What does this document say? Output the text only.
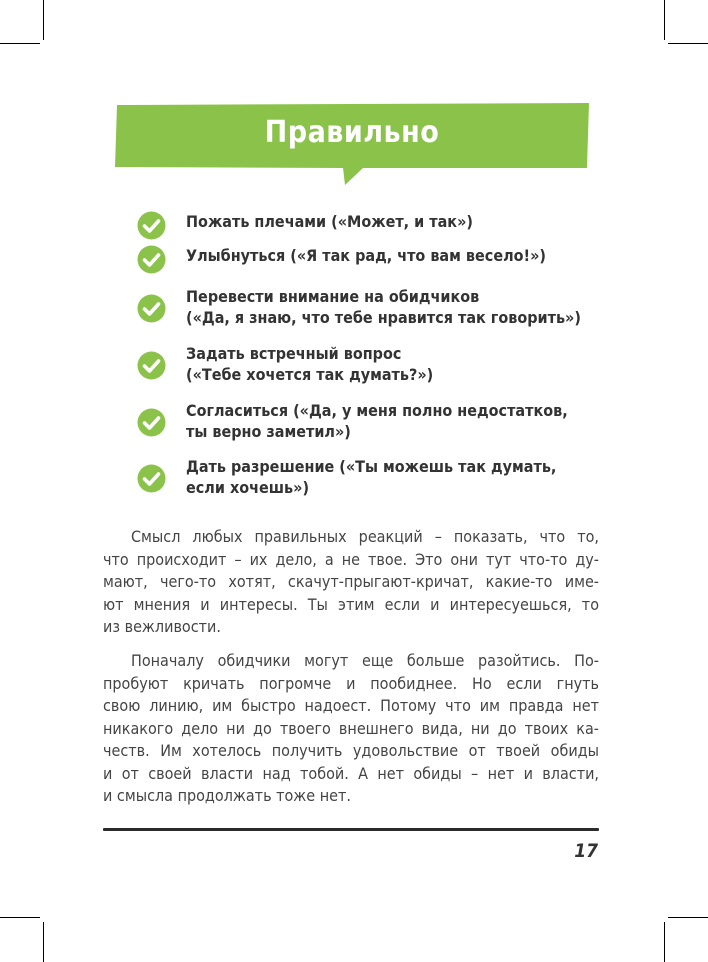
Правильно
Пожать плечами («Может, и так»)
Улыбнуться («Я так рад, что вам весело!»)
Перевести внимание на обидчиков
(«Да, я знаю, что тебе нравится так говорить»)
Задать встречный вопрос
(«Тебе хочется так думать?»)
Согласиться («Да, у меня полно недостатков,
ты верно заметил»)
Дать разрешение («Ты можешь так думать,
если хочешь»)
Смысл любых правильных реакций – показать, что то,
что происходит – их дело, а не твое. Это они тут что-то ду-
мают, чего-то хотят, скачут-прыгают-кричат, какие-то име-
ют мнения и интересы. Ты этим если и интересуешься, то
из вежливости.
Поначалу обидчики могут еще больше разойтись. По-
пробуют кричать погромче и пообиднее. Но если гнуть
свою линию, им быстро надоест. Потому что им правда нет
никакого дело ни до твоего внешнего вида, ни до твоих ка-
честв. Им хотелось получить удовольствие от твоей обиды
и от своей власти над тобой. А нет обиды – нет и власти,
и смысла продолжать тоже нет.
17
